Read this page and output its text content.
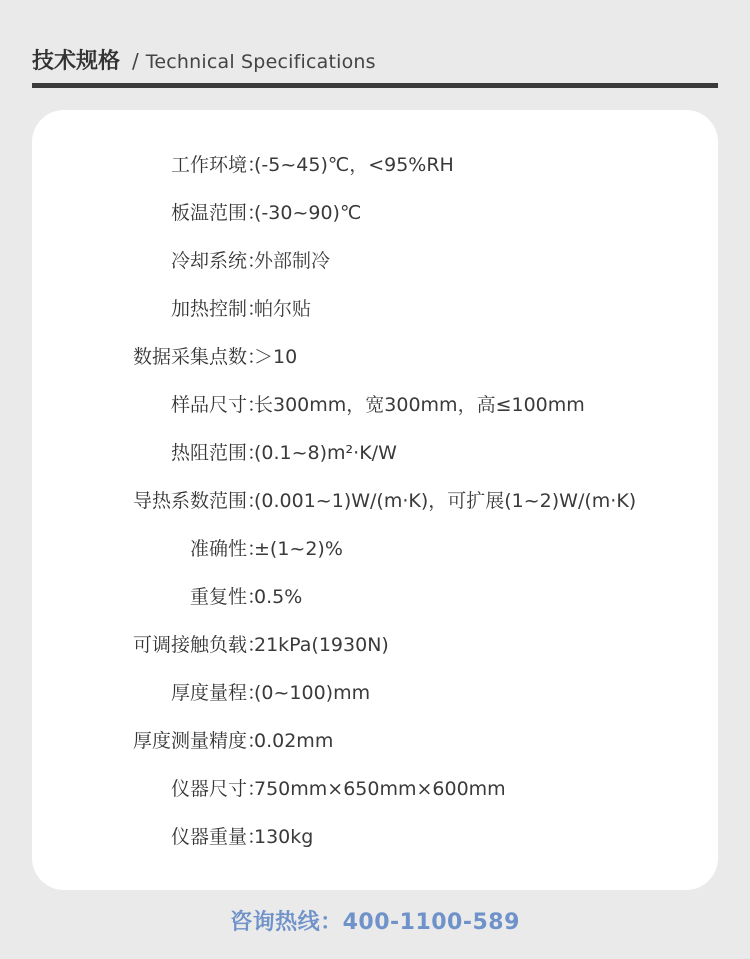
技术规格 / Technical Specifications
工作环境：
(-5~45)℃，<95%RH
板温范围：
(-30~90)℃
冷却系统：
外部制冷
加热控制：
帕尔贴
数据采集点数：
＞10
样品尺寸：
长300mm，宽300mm，高≤100mm
热阻范围：
(0.1~8)m²·K/W
导热系数范围：
(0.001~1)W/(m·K)，可扩展(1~2)W/(m·K)
准确性：
±(1~2)%
重复性：
0.5%
可调接触负载：
21kPa(1930N)
厚度量程：
(0~100)mm
厚度测量精度：
0.02mm
仪器尺寸：
750mm×650mm×600mm
仪器重量：
130kg
咨询热线：400-1100-589
